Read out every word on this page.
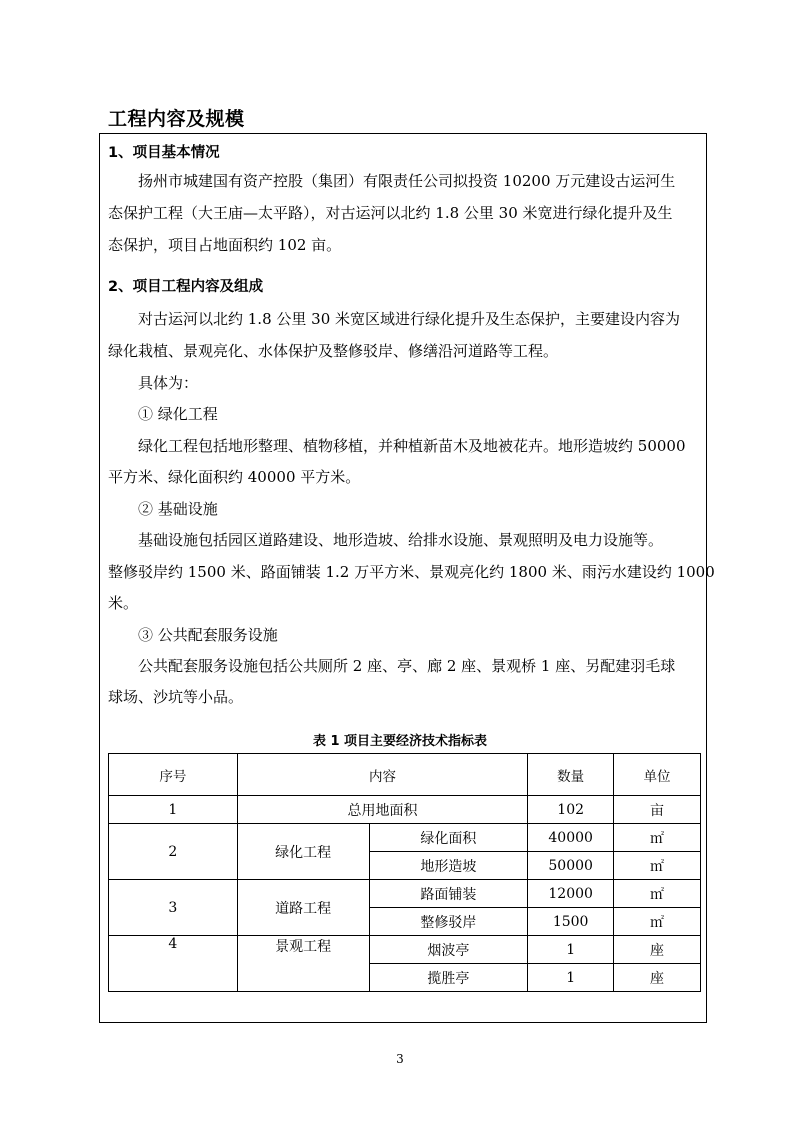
工程内容及规模
1、项目基本情况
扬州市城建国有资产控股（集团）有限责任公司拟投资 10200 万元建设古运河生
态保护工程（大王庙—太平路），对古运河以北约 1.8 公里 30 米宽进行绿化提升及生
态保护，项目占地面积约 102 亩。
2、项目工程内容及组成
对古运河以北约 1.8 公里 30 米宽区域进行绿化提升及生态保护，主要建设内容为
绿化栽植、景观亮化、水体保护及整修驳岸、修缮沿河道路等工程。
具体为：
① 绿化工程
绿化工程包括地形整理、植物移植，并种植新苗木及地被花卉。地形造坡约 50000
平方米、绿化面积约 40000 平方米。
② 基础设施
基础设施包括园区道路建设、地形造坡、给排水设施、景观照明及电力设施等。
整修驳岸约 1500 米、路面铺装 1.2 万平方米、景观亮化约 1800 米、雨污水建设约 1000
米。
③ 公共配套服务设施
公共配套服务设施包括公共厕所 2 座、亭、廊 2 座、景观桥 1 座、另配建羽毛球
球场、沙坑等小品。
表 1 项目主要经济技术指标表
序号	内容		数量	单位
1	总用地面积		102	亩
2	绿化工程	绿化面积	40000	㎡
		地形造坡	50000	㎡
3	道路工程	路面铺装	12000	㎡
		整修驳岸	1500	㎡
4	景观工程	烟波亭	1	座
		揽胜亭	1	座
3
